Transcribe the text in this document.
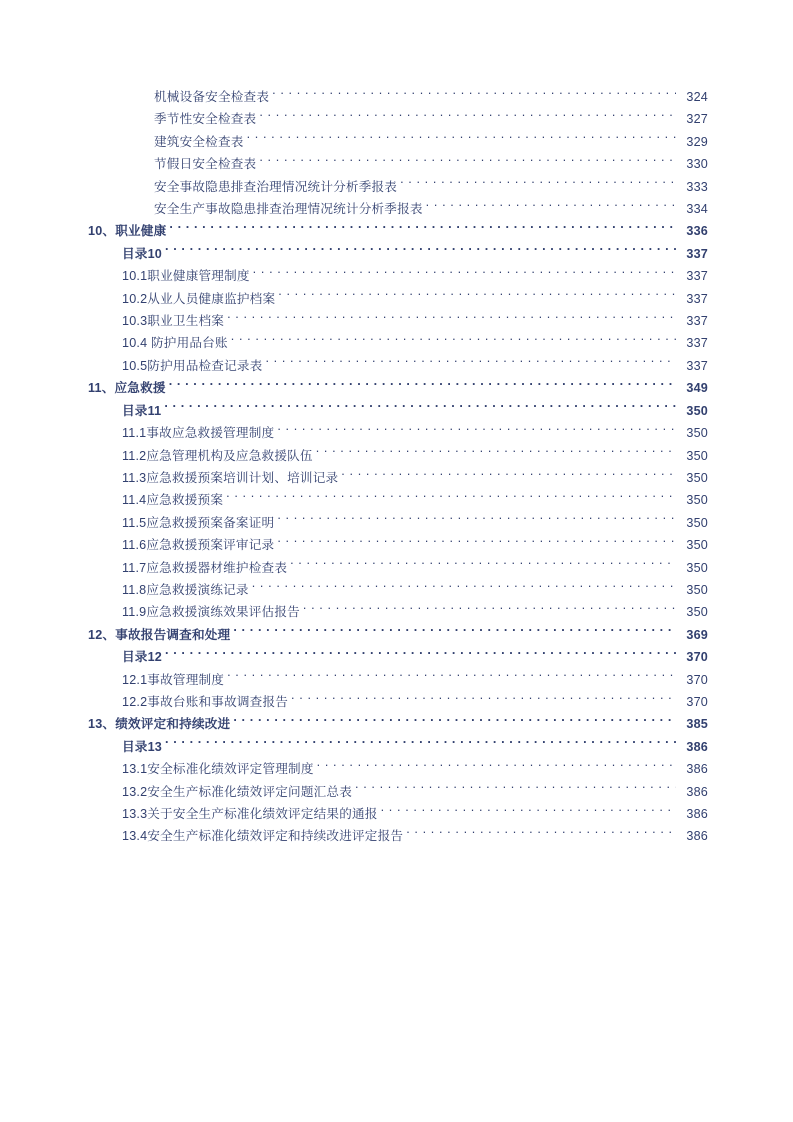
机械设备安全检查表 . . .	324
季节性安全检查表 . . .	327
建筑安全检查表 . . .	329
节假日安全检查表 . . .	330
安全事故隐患排查治理情况统计分析季报表 . . .	333
安全生产事故隐患排查治理情况统计分析季报表 . . .	334
10、职业健康 . . .	336
目录10 . . .	337
10.1职业健康管理制度 . . .	337
10.2从业人员健康监护档案 . . .	337
10.3职业卫生档案 . . .	337
10.4 防护用品台账 . . .	337
10.5防护用品检查记录表 . . .	337
11、应急救援 . . .	349
目录11 . . .	350
11.1事故应急救援管理制度 . . .	350
11.2应急管理机构及应急救援队伍 . . .	350
11.3应急救援预案培训计划、培训记录 . . .	350
11.4应急救援预案 . . .	350
11.5应急救援预案备案证明 . . .	350
11.6应急救援预案评审记录 . . .	350
11.7应急救援器材维护检查表 . . .	350
11.8应急救援演练记录 . . .	350
11.9应急救援演练效果评估报告 . . .	350
12、事故报告调查和处理 . . .	369
目录12 . . .	370
12.1事故管理制度 . . .	370
12.2事故台账和事故调查报告 . . .	370
13、绩效评定和持续改进 . . .	385
目录13 . . .	386
13.1安全标准化绩效评定管理制度 . . .	386
13.2安全生产标准化绩效评定问题汇总表 . . .	386
13.3关于安全生产标准化绩效评定结果的通报 . . .	386
13.4安全生产标准化绩效评定和持续改进评定报告 . . .	386
